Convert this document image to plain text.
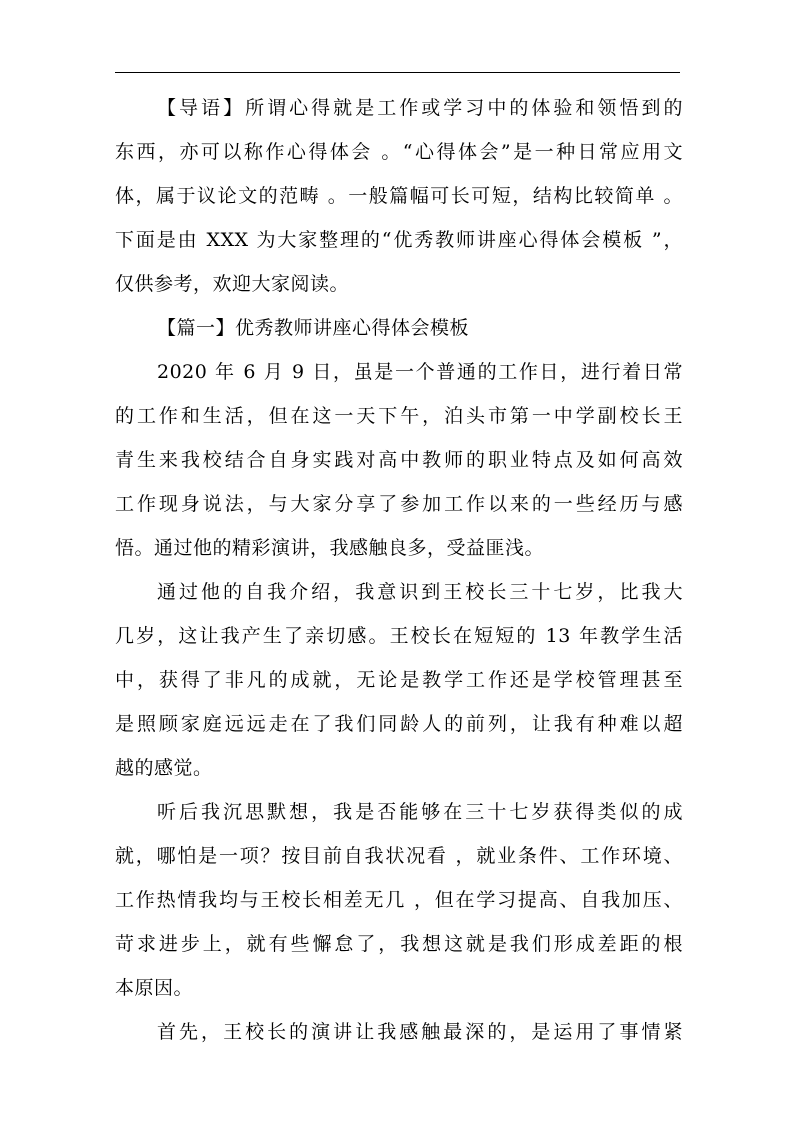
【导语】所谓心得就是工作或学习中的体验和领悟到的
东西，亦可以称作心得体会 。“心得体会”是一种日常应用文
体，属于议论文的范畴 。一般篇幅可长可短，结构比较简单 。
下面是由 XXX 为大家整理的“优秀教师讲座心得体会模板 ”，
仅供参考，欢迎大家阅读。
【篇一】优秀教师讲座心得体会模板
2020 年 6 月 9 日，虽是一个普通的工作日，进行着日常
的工作和生活，但在这一天下午，泊头市第一中学副校长王
青生来我校结合自身实践对高中教师的职业特点及如何高效
工作现身说法，与大家分享了参加工作以来的一些经历与感
悟。通过他的精彩演讲，我感触良多，受益匪浅。
通过他的自我介绍，我意识到王校长三十七岁，比我大
几岁，这让我产生了亲切感。王校长在短短的 13 年教学生活
中，获得了非凡的成就，无论是教学工作还是学校管理甚至
是照顾家庭远远走在了我们同龄人的前列，让我有种难以超
越的感觉。
听后我沉思默想，我是否能够在三十七岁获得类似的成
就，哪怕是一项？按目前自我状况看 ，就业条件、工作环境、
工作热情我均与王校长相差无几 ，但在学习提高、自我加压、
苛求进步上，就有些懈怠了，我想这就是我们形成差距的根
本原因。
首先，王校长的演讲让我感触最深的，是运用了事情紧
